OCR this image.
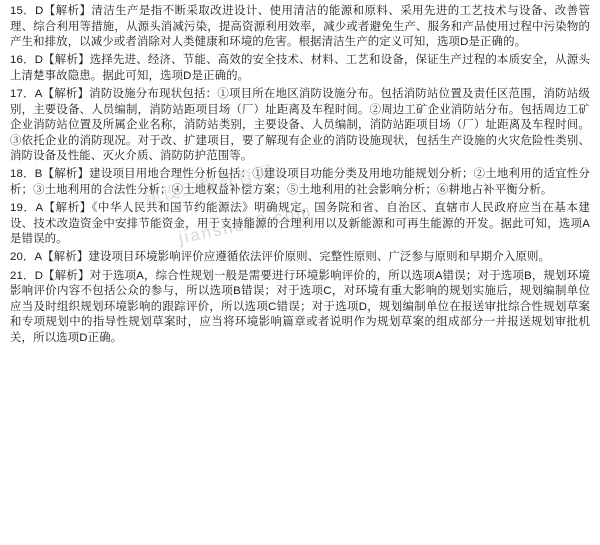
建设工程教育网
jianshe99.com
15．D【解析】清洁生产是指不断采取改进设计、使用清洁的能源和原料、采用先进的工艺技术与设备、改善管理、综合利用等措施，从源头消减污染，提高资源利用效率，减少或者避免生产、服务和产品使用过程中污染物的产生和排放，以减少或者消除对人类健康和环境的危害。根据清洁生产的定义可知，选项D是正确的。
16．D【解析】选择先进、经济、节能、高效的安全技术、材料、工艺和设备，保证生产过程的本质安全，从源头上清楚事故隐患。据此可知，选项D是正确的。
17．A【解析】消防设施分布现状包括：①项目所在地区消防设施分布。包括消防站位置及责任区范围，消防站级别，主要设备、人员编制，消防站距项目场（厂）址距离及车程时间。②周边工矿企业消防站分布。包括周边工矿企业消防站位置及所属企业名称，消防站类别，主要设备、人员编制，消防站距项目场（厂）址距离及车程时间。③依托企业的消防现况。对于改、扩建项目，要了解现有企业的消防设施现状，包括生产设施的火灾危险性类别、消防设备及性能、灭火介质、消防防护范围等。
18．B【解析】建设项目用地合理性分析包括：①建设项目功能分类及用地功能规划分析；②土地利用的适宜性分析；③土地利用的合法性分析；④土地权益补偿方案；⑤土地利用的社会影响分析；⑥耕地占补平衡分析。
19．A【解析】《中华人民共和国节约能源法》明确规定，国务院和省、自治区、直辖市人民政府应当在基本建设、技术改造资金中安排节能资金，用于支持能源的合理利用以及新能源和可再生能源的开发。据此可知，选项A是错误的。
20．A【解析】建设项目环境影响评价应遵循依法评价原则、完整性原则、广泛参与原则和早期介入原则。
21．D【解析】对于选项A，综合性规划一般是需要进行环境影响评价的，所以选项A错误；对于选项B，规划环境影响评价内容不包括公众的参与，所以选项B错误；对于选项C，对环境有重大影响的规划实施后，规划编制单位应当及时组织规划环境影响的跟踪评价，所以选项C错误；对于选项D，规划编制单位在报送审批综合性规划草案和专项规划中的指导性规划草案时，应当将环境影响篇章或者说明作为规划草案的组成部分一并报送规划审批机关，所以选项D正确。
